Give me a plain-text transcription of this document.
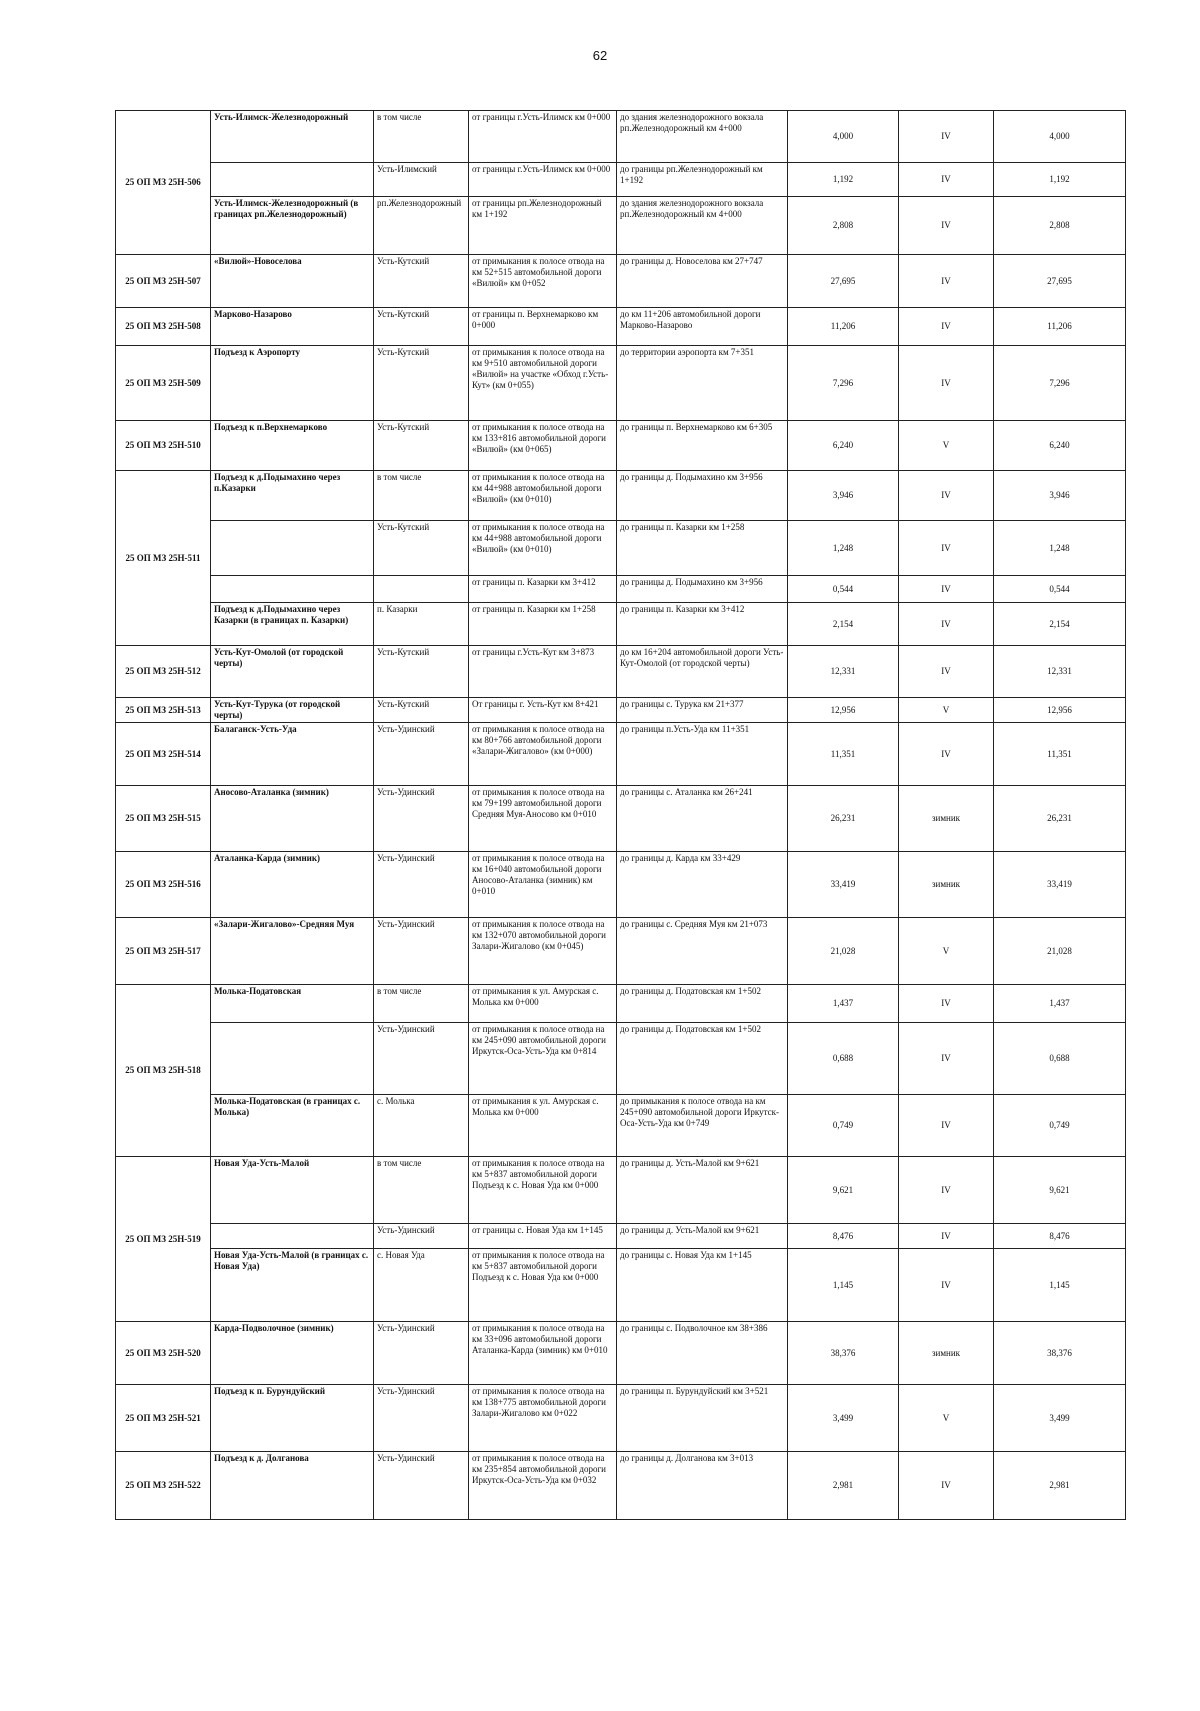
62
25 ОП МЗ 25Н-506	Усть-Илимск-Железнодорожный	в том числе	от границы г.Усть-Илимск км 0+000	до здания железнодорожного вокзала рп.Железнодорожный км 4+000	4,000	IV	4,000
		Усть-Илимский	от границы г.Усть-Илимск км 0+000	до границы рп.Железнодорожный км 1+192	1,192	IV	1,192
	Усть-Илимск-Железнодорожный (в границах рп.Железнодорожный)	рп.Железнодорожный	от границы рп.Железнодорожный км 1+192	до здания железнодорожного вокзала рп.Железнодорожный км 4+000	2,808	IV	2,808
25 ОП МЗ 25Н-507	«Вилюй»-Новоселова	Усть-Кутский	от примыкания к полосе отвода на км 52+515 автомобильной дороги «Вилюй» км 0+052	до границы д. Новоселова км 27+747	27,695	IV	27,695
25 ОП МЗ 25Н-508	Марково-Назарово	Усть-Кутский	от границы п. Верхнемарково км 0+000	до км 11+206 автомобильной дороги Марково-Назарово	11,206	IV	11,206
25 ОП МЗ 25Н-509	Подъезд к Аэропорту	Усть-Кутский	от примыкания к полосе отвода на км 9+510 автомобильной дороги «Вилюй» на участке «Обход г.Усть-Кут» (км 0+055)	до территории аэропорта км 7+351	7,296	IV	7,296
25 ОП МЗ 25Н-510	Подъезд к п.Верхнемарково	Усть-Кутский	от примыкания к полосе отвода на км 133+816 автомобильной дороги «Вилюй» (км 0+065)	до границы п. Верхнемарково км 6+305	6,240	V	6,240
25 ОП МЗ 25Н-511	Подъезд к д.Подымахино через п.Казарки	в том числе	от примыкания к полосе отвода на км 44+988 автомобильной дороги «Вилюй» (км 0+010)	до границы д. Подымахино км 3+956	3,946	IV	3,946
		Усть-Кутский	от примыкания к полосе отвода на км 44+988 автомобильной дороги «Вилюй» (км 0+010)	до границы п. Казарки км 1+258	1,248	IV	1,248
			от границы п. Казарки км 3+412	до границы д. Подымахино км 3+956	0,544	IV	0,544
	Подъезд к д.Подымахино через Казарки (в границах п. Казарки)	п. Казарки	от границы п. Казарки км 1+258	до границы п. Казарки км 3+412	2,154	IV	2,154
25 ОП МЗ 25Н-512	Усть-Кут-Омолой (от городской черты)	Усть-Кутский	от границы г.Усть-Кут км 3+873	до км 16+204 автомобильной дороги Усть-Кут-Омолой (от городской черты)	12,331	IV	12,331
25 ОП МЗ 25Н-513	Усть-Кут-Турука (от городской черты)	Усть-Кутский	От границы г. Усть-Кут км 8+421	до границы с. Турука км 21+377	12,956	V	12,956
25 ОП МЗ 25Н-514	Балаганск-Усть-Уда	Усть-Удинский	от примыкания к полосе отвода на км 80+766 автомобильной дороги «Залари-Жигалово» (км 0+000)	до границы п.Усть-Уда км 11+351	11,351	IV	11,351
25 ОП МЗ 25Н-515	Аносово-Аталанка (зимник)	Усть-Удинский	от примыкания к полосе отвода на км 79+199 автомобильной дороги Средняя Муя-Аносово км 0+010	до границы с. Аталанка км 26+241	26,231	зимник	26,231
25 ОП МЗ 25Н-516	Аталанка-Карда (зимник)	Усть-Удинский	от примыкания к полосе отвода на км 16+040 автомобильной дороги Аносово-Аталанка (зимник) км 0+010	до границы д. Карда км 33+429	33,419	зимник	33,419
25 ОП МЗ 25Н-517	«Залари-Жигалово»-Средняя Муя	Усть-Удинский	от примыкания к полосе отвода на км 132+070 автомобильной дороги Залари-Жигалово (км 0+045)	до границы с. Средняя Муя км 21+073	21,028	V	21,028
25 ОП МЗ 25Н-518	Молька-Податовская	в том числе	от примыкания к ул. Амурская с. Молька км 0+000	до границы д. Податовская км 1+502	1,437	IV	1,437
		Усть-Удинский	от примыкания к полосе отвода на км 245+090 автомобильной дороги Иркутск-Оса-Усть-Уда км 0+814	до границы д. Податовская км 1+502	0,688	IV	0,688
	Молька-Податовская (в границах с. Молька)	с. Молька	от примыкания к ул. Амурская с. Молька км 0+000	до примыкания к полосе отвода на км 245+090 автомобильной дороги Иркутск-Оса-Усть-Уда км 0+749	0,749	IV	0,749
25 ОП МЗ 25Н-519	Новая Уда-Усть-Малой	в том числе	от примыкания к полосе отвода на км 5+837 автомобильной дороги Подъезд к с. Новая Уда км 0+000	до границы д. Усть-Малой км 9+621	9,621	IV	9,621
		Усть-Удинский	от границы с. Новая Уда км 1+145	до границы д. Усть-Малой км 9+621	8,476	IV	8,476
	Новая Уда-Усть-Малой (в границах с. Новая Уда)	с. Новая Уда	от примыкания к полосе отвода на км 5+837 автомобильной дороги Подъезд к с. Новая Уда км 0+000	до границы с. Новая Уда км 1+145	1,145	IV	1,145
25 ОП МЗ 25Н-520	Карда-Подволочное (зимник)	Усть-Удинский	от примыкания к полосе отвода на км 33+096 автомобильной дороги Аталанка-Карда (зимник) км 0+010	до границы с. Подволочное км 38+386	38,376	зимник	38,376
25 ОП МЗ 25Н-521	Подъезд к п. Бурундуйский	Усть-Удинский	от примыкания к полосе отвода на км 138+775 автомобильной дороги Залари-Жигалово км 0+022	до границы п. Бурундуйский км 3+521	3,499	V	3,499
25 ОП МЗ 25Н-522	Подъезд к д. Долганова	Усть-Удинский	от примыкания к полосе отвода на км 235+854 автомобильной дороги Иркутск-Оса-Усть-Уда км 0+032	до границы д. Долганова км 3+013	2,981	IV	2,981
